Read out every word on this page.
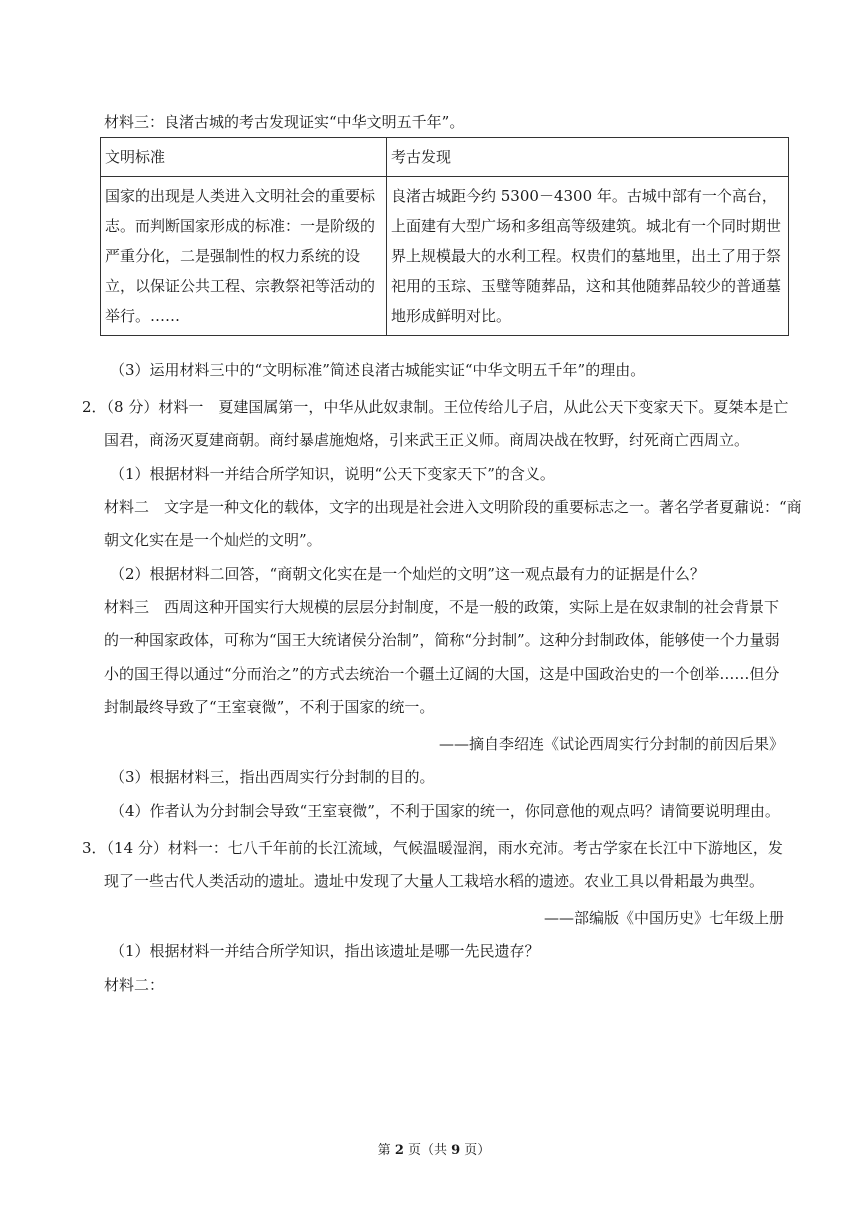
材料三：良渚古城的考古发现证实“中华文明五千年”。
文明标准	考古发现
国家的出现是人类进入文明社会的重要标志。而判断国家形成的标准：一是阶级的严重分化，二是强制性的权力系统的设立，以保证公共工程、宗教祭祀等活动的举行。……	良渚古城距今约 5300－4300 年。古城中部有一个高台，上面建有大型广场和多组高等级建筑。城北有一个同时期世界上规模最大的水利工程。权贵们的墓地里，出土了用于祭祀用的玉琮、玉璧等随葬品，这和其他随葬品较少的普通墓地形成鲜明对比。
（3）运用材料三中的“文明标准”简述良渚古城能实证“中华文明五千年”的理由。
2．（8 分）材料一　夏建国属第一，中华从此奴隶制。王位传给儿子启，从此公天下变家天下。夏桀本是亡
国君，商汤灭夏建商朝。商纣暴虐施炮烙，引来武王正义师。商周决战在牧野，纣死商亡西周立。
（1）根据材料一并结合所学知识，说明“公天下变家天下”的含义。
材料二　文字是一种文化的载体，文字的出现是社会进入文明阶段的重要标志之一。著名学者夏鼐说：“商
朝文化实在是一个灿烂的文明”。
（2）根据材料二回答，“商朝文化实在是一个灿烂的文明”这一观点最有力的证据是什么？
材料三　西周这种开国实行大规模的层层分封制度，不是一般的政策，实际上是在奴隶制的社会背景下
的一种国家政体，可称为“国王大统诸侯分治制”，简称“分封制”。这种分封制政体，能够使一个力量弱
小的国王得以通过“分而治之”的方式去统治一个疆土辽阔的大国，这是中国政治史的一个创举……但分
封制最终导致了“王室衰微”，不利于国家的统一。
——摘自李绍连《试论西周实行分封制的前因后果》
（3）根据材料三，指出西周实行分封制的目的。
（4）作者认为分封制会导致“王室衰微”，不利于国家的统一，你同意他的观点吗？请简要说明理由。
3．（14 分）材料一：七八千年前的长江流域，气候温暖湿润，雨水充沛。考古学家在长江中下游地区，发
现了一些古代人类活动的遗址。遗址中发现了大量人工栽培水稻的遗迹。农业工具以骨耜最为典型。
——部编版《中国历史》七年级上册
（1）根据材料一并结合所学知识，指出该遗址是哪一先民遗存？
材料二：
第 2 页（共 9 页）
